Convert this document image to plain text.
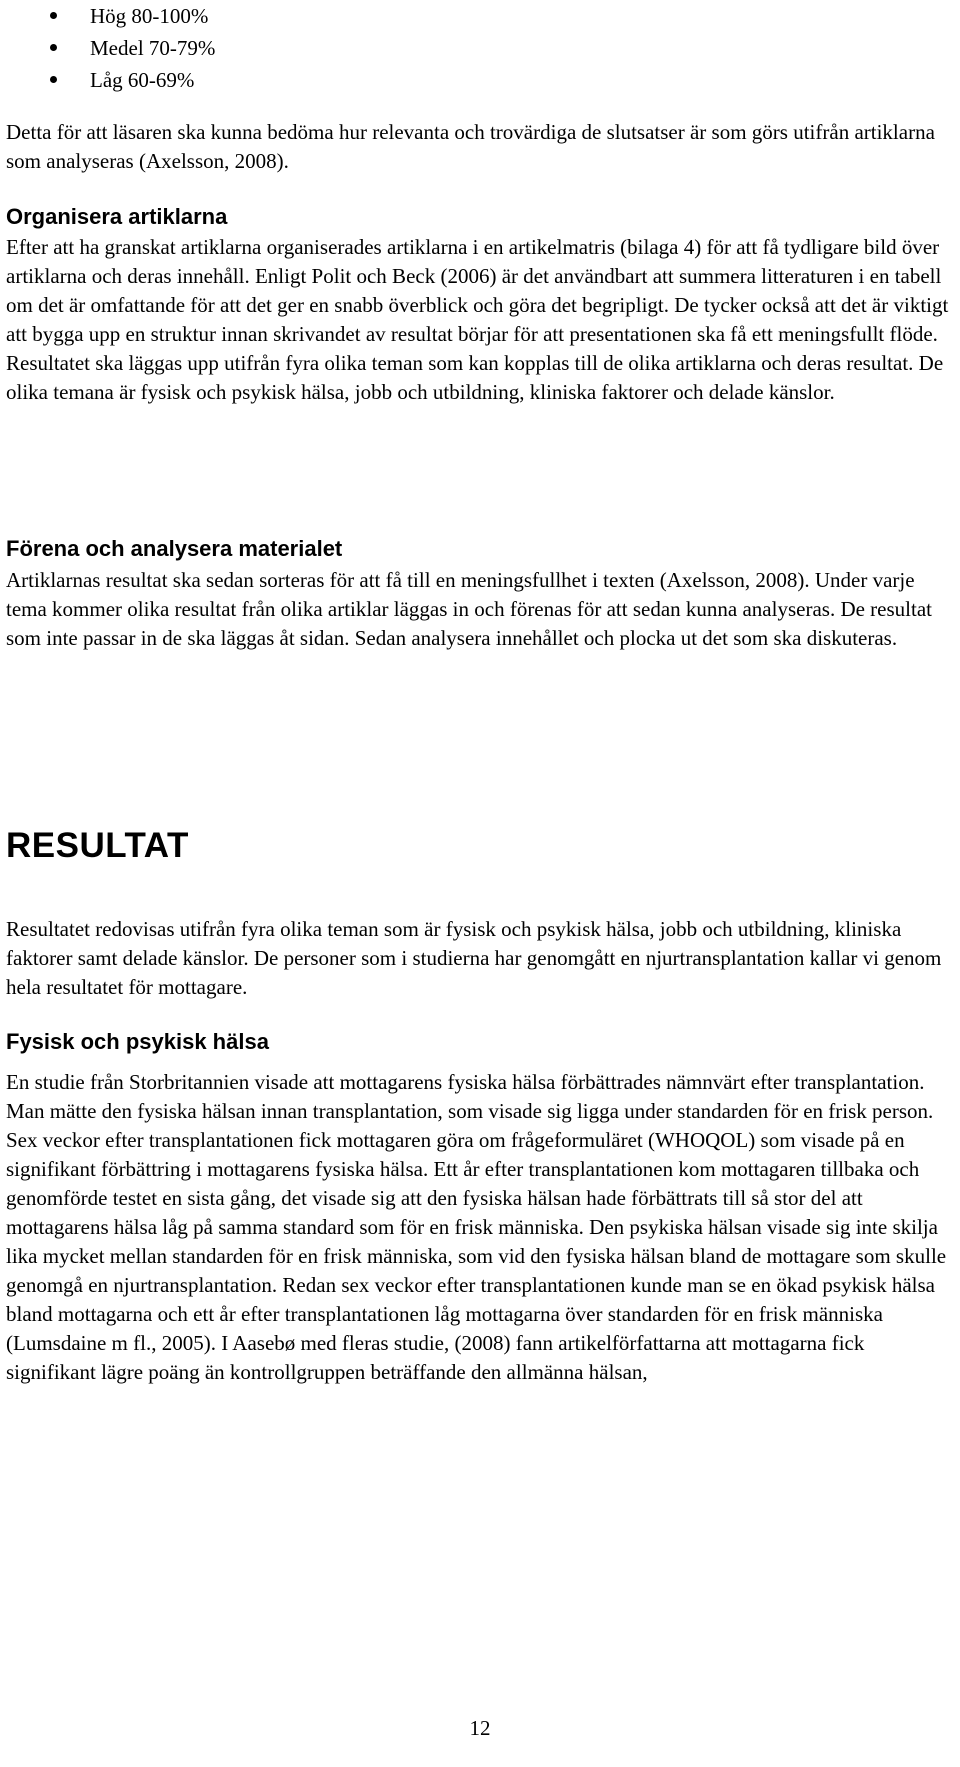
Hög 80-100%
Medel 70-79%
Låg 60-69%

Detta för att läsaren ska kunna bedöma hur relevanta och trovärdiga de slutsatser är som görs utifrån artiklarna som analyseras (Axelsson, 2008).

Organisera artiklarna

Efter att ha granskat artiklarna organiserades artiklarna i en artikelmatris (bilaga 4) för att få tydligare bild över artiklarna och deras innehåll. Enligt Polit och Beck (2006) är det användbart att summera litteraturen i en tabell om det är omfattande för att det ger en snabb överblick och göra det begripligt. De tycker också att det är viktigt att bygga upp en struktur innan skrivandet av resultat börjar för att presentationen ska få ett meningsfullt flöde. Resultatet ska läggas upp utifrån fyra olika teman som kan kopplas till de olika artiklarna och deras resultat. De olika temana är fysisk och psykisk hälsa, jobb och utbildning, kliniska faktorer och delade känslor.

Förena och analysera materialet

Artiklarnas resultat ska sedan sorteras för att få till en meningsfullhet i texten (Axelsson, 2008). Under varje tema kommer olika resultat från olika artiklar läggas in och förenas för att sedan kunna analyseras. De resultat som inte passar in de ska läggas åt sidan. Sedan analysera innehållet och plocka ut det som ska diskuteras.

RESULTAT

Resultatet redovisas utifrån fyra olika teman som är fysisk och psykisk hälsa, jobb och utbildning, kliniska faktorer samt delade känslor. De personer som i studierna har genomgått en njurtransplantation kallar vi genom hela resultatet för mottagare.

Fysisk och psykisk hälsa

En studie från Storbritannien visade att mottagarens fysiska hälsa förbättrades nämnvärt efter transplantation. Man mätte den fysiska hälsan innan transplantation, som visade sig ligga under standarden för en frisk person. Sex veckor efter transplantationen fick mottagaren göra om frågeformuläret (WHOQOL) som visade på en signifikant förbättring i mottagarens fysiska hälsa. Ett år efter transplantationen kom mottagaren tillbaka och genomförde testet en sista gång, det visade sig att den fysiska hälsan hade förbättrats till så stor del att mottagarens hälsa låg på samma standard som för en frisk människa. Den psykiska hälsan visade sig inte skilja lika mycket mellan standarden för en frisk människa, som vid den fysiska hälsan bland de mottagare som skulle genomgå en njurtransplantation. Redan sex veckor efter transplantationen kunde man se en ökad psykisk hälsa bland mottagarna och ett år efter transplantationen låg mottagarna över standarden för en frisk människa (Lumsdaine m fl., 2005). I Aasebø med fleras studie, (2008) fann artikelförfattarna att mottagarna fick signifikant lägre poäng än kontrollgruppen beträffande den allmänna hälsan,

12
